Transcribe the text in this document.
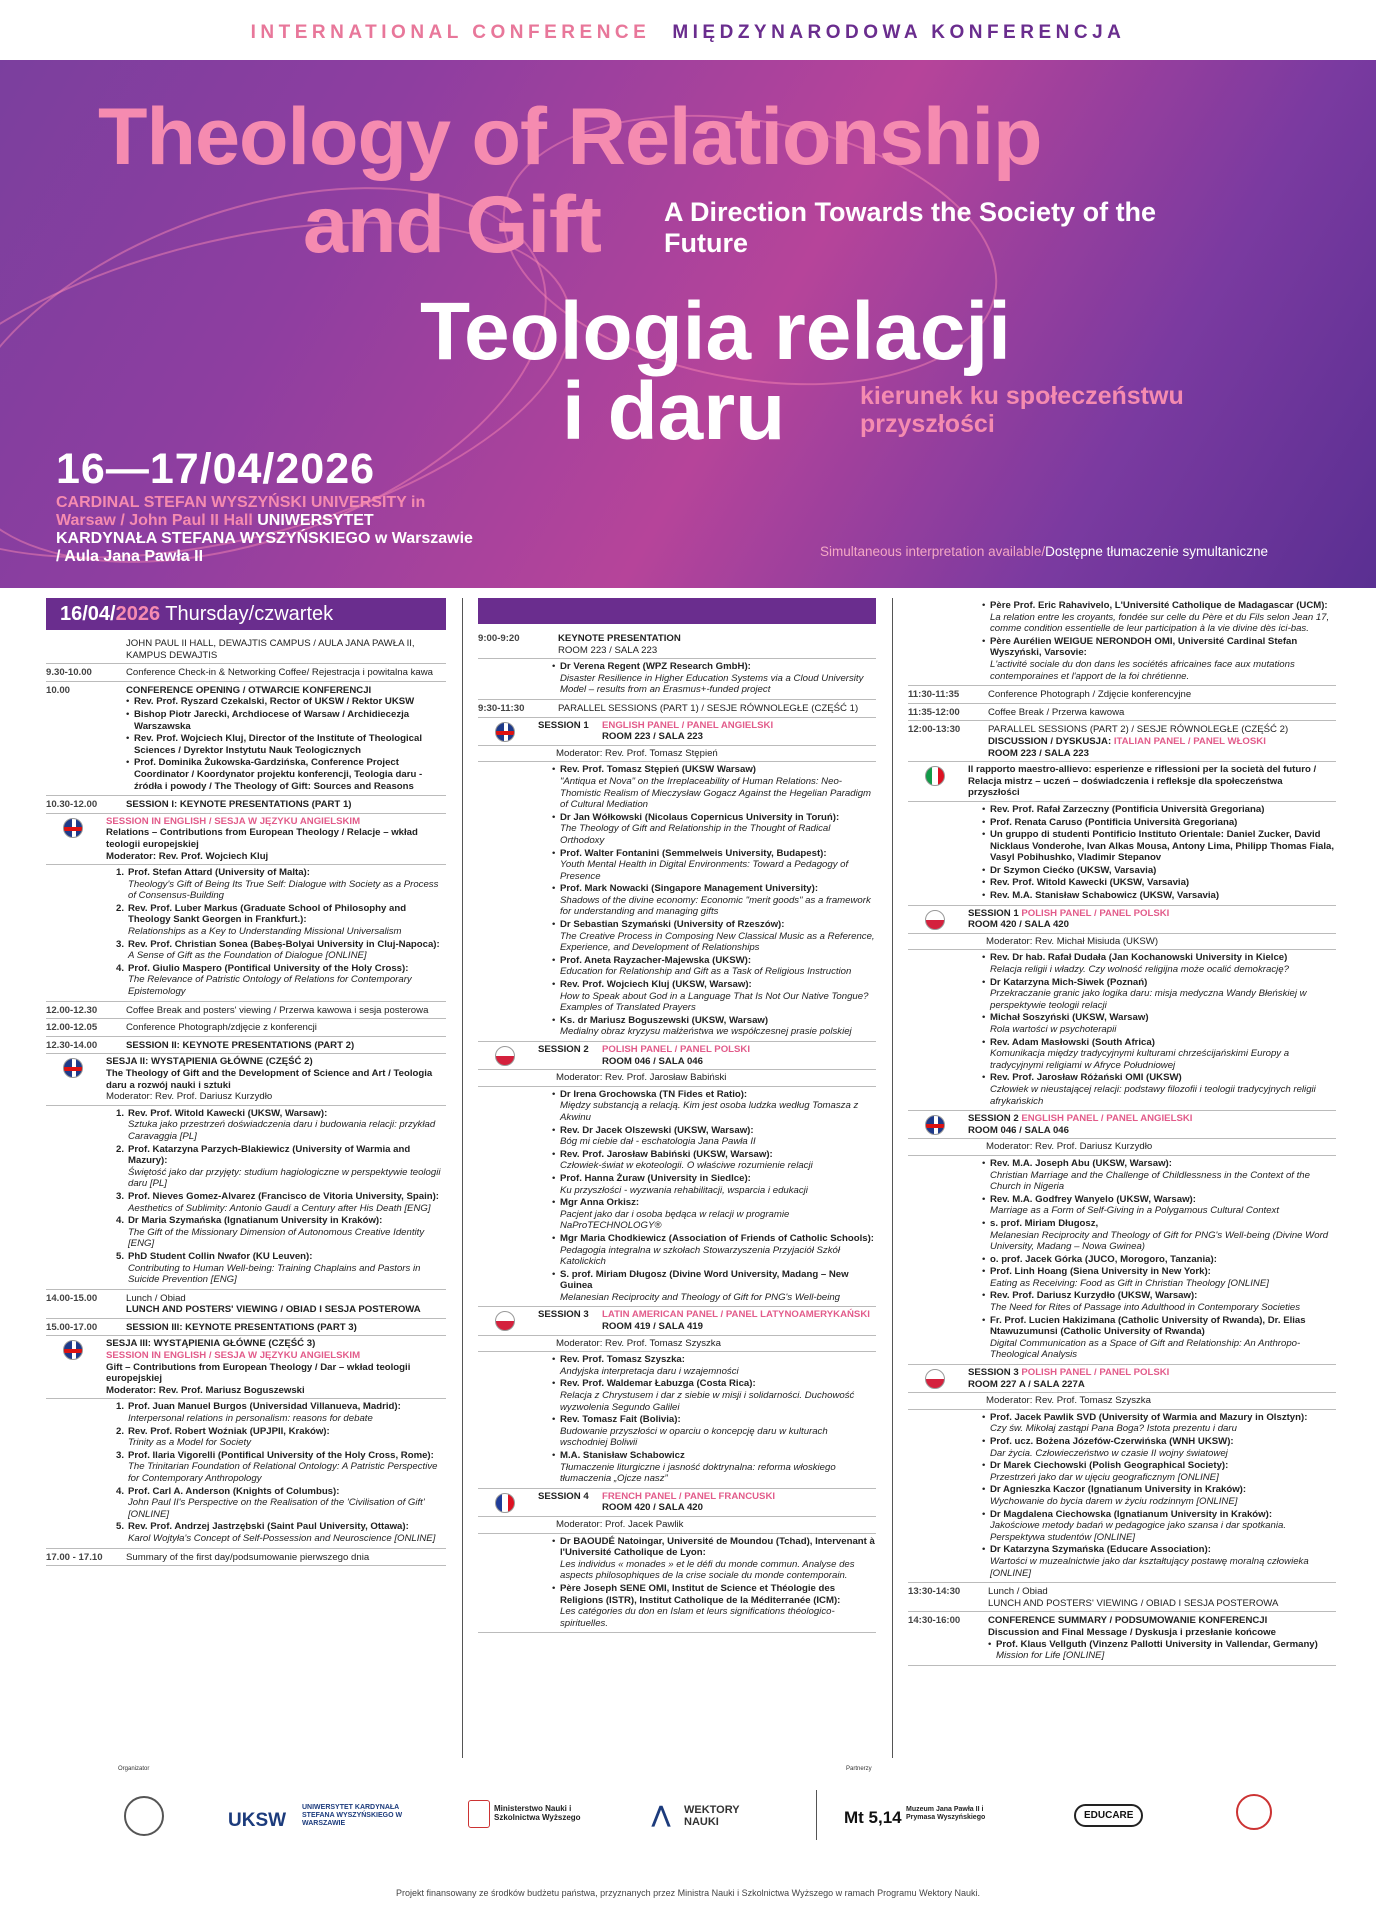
INTERNATIONAL CONFERENCE MIĘDZYNARODOWA KONFERENCJA
Theology of Relationship
and Gift A Direction Towards the Society of the Future
Teologia relacji
i daru	kierunek ku społeczeństwu przyszłości
16—17/04/2026
CARDINAL STEFAN WYSZYŃSKI UNIVERSITY in Warsaw / John Paul II Hall UNIWERSYTET KARDYNAŁA STEFANA WYSZYŃSKIEGO w Warszawie / Aula Jana Pawła II	Simultaneous interpretation available/Dostępne tłumaczenie symultaniczne
16/04/2026 Thursday/czwartek
JOHN PAUL II HALL, DEWAJTIS CAMPUS / AULA JANA PAWŁA II, KAMPUS DEWAJTIS
9.30-10.00	Conference Check-in & Networking Coffee/ Rejestracja i powitalna kawa
10.00	CONFERENCE OPENING / OTWARCIE KONFERENCJI
• Rev. Prof. Ryszard Czekalski, Rector of UKSW / Rektor UKSW
• Bishop Piotr Jarecki, Archdiocese of Warsaw / Archidiecezja Warszawska
• Rev. Prof. Wojciech Kluj, Director of the Institute of Theological Sciences / Dyrektor Instytutu Nauk Teologicznych
• Prof. Dominika Żukowska-Gardzińska, Conference Project Coordinator / Koordynator projektu konferencji, Teologia daru - źródła i powody / The Theology of Gift: Sources and Reasons
10.30-12.00	SESSION I: KEYNOTE PRESENTATIONS (PART 1)
SESSION IN ENGLISH / SESJA W JĘZYKU ANGIELSKIM
Relations – Contributions from European Theology / Relacje – wkład teologii europejskiej
Moderator: Rev. Prof. Wojciech Kluj
1. Prof. Stefan Attard (University of Malta):
Theology's Gift of Being Its True Self: Dialogue with Society as a Process of Consensus-Building
2. Rev. Prof. Luber Markus (Graduate School of Philosophy and Theology Sankt Georgen in Frankfurt.):
Relationships as a Key to Understanding Missional Universalism
3. Rev. Prof. Christian Sonea (Babeș-Bolyai University in Cluj-Napoca):
A Sense of Gift as the Foundation of Dialogue [ONLINE]
4. Prof. Giulio Maspero (Pontifical University of the Holy Cross):
The Relevance of Patristic Ontology of Relations for Contemporary Epistemology
12.00-12.30	Coffee Break and posters' viewing / Przerwa kawowa i sesja posterowa
12.00-12.05	Conference Photograph/zdjęcie z konferencji
12.30-14.00	SESSION II: KEYNOTE PRESENTATIONS (PART 2)
SESJA II: WYSTĄPIENIA GŁÓWNE (CZĘŚĆ 2)
The Theology of Gift and the Development of Science and Art / Teologia daru a rozwój nauki i sztuki
Moderator: Rev. Prof. Dariusz Kurzydło
1. Rev. Prof. Witold Kawecki (UKSW, Warsaw):
Sztuka jako przestrzeń doświadczenia daru i budowania relacji: przykład Caravaggia [PL]
2. Prof. Katarzyna Parzych-Blakiewicz (University of Warmia and Mazury):
Świętość jako dar przyjęty: studium hagiologiczne w perspektywie teologii daru [PL]
3. Prof. Nieves Gomez-Alvarez (Francisco de Vitoria University, Spain):
Aesthetics of Sublimity: Antonio Gaudí a Century after His Death [ENG]
4. Dr Maria Szymańska (Ignatianum University in Kraków):
The Gift of the Missionary Dimension of Autonomous Creative Identity [ENG]
5. PhD Student Collin Nwafor (KU Leuven):
Contributing to Human Well-being: Training Chaplains and Pastors in Suicide Prevention [ENG]
14.00-15.00	Lunch / Obiad
LUNCH AND POSTERS' VIEWING / OBIAD I SESJA POSTEROWA
15.00-17.00	SESSION III: KEYNOTE PRESENTATIONS (PART 3)
SESJA III: WYSTĄPIENIA GŁÓWNE (CZĘŚĆ 3)
SESSION IN ENGLISH / SESJA W JĘZYKU ANGIELSKIM
Gift – Contributions from European Theology / Dar – wkład teologii europejskiej
Moderator: Rev. Prof. Mariusz Boguszewski
1. Prof. Juan Manuel Burgos (Universidad Villanueva, Madrid):
Interpersonal relations in personalism: reasons for debate
2. Rev. Prof. Robert Woźniak (UPJPII, Kraków):
Trinity as a Model for Society
3. Prof. Ilaria Vigorelli (Pontifical University of the Holy Cross, Rome):
The Trinitarian Foundation of Relational Ontology: A Patristic Perspective for Contemporary Anthropology
4. Prof. Carl A. Anderson (Knights of Columbus):
John Paul II's Perspective on the Realisation of the 'Civilisation of Gift' [ONLINE]
5. Rev. Prof. Andrzej Jastrzębski (Saint Paul University, Ottawa):
Karol Wojtyła's Concept of Self-Possession and Neuroscience [ONLINE]
17.00 - 17.10	Summary of the first day/podsumowanie pierwszego dnia
9:00-9:20	KEYNOTE PRESENTATION
ROOM 223 / SALA 223
• Dr Verena Regent (WPZ Research GmbH):
Disaster Resilience in Higher Education Systems via a Cloud University Model – results from an Erasmus+-funded project
9:30-11:30	PARALLEL SESSIONS (PART 1) / SESJE RÓWNOLEGŁE (CZĘŚĆ 1)
SESSION 1	ENGLISH PANEL / PANEL ANGIELSKI
ROOM 223 / SALA 223
Moderator: Rev. Prof. Tomasz Stępień
• Rev. Prof. Tomasz Stępień (UKSW Warsaw)
"Antiqua et Nova" on the Irreplaceability of Human Relations: Neo-Thomistic Realism of Mieczysław Gogacz Against the Hegelian Paradigm of Cultural Mediation
• Dr Jan Wółkowski (Nicolaus Copernicus University in Toruń):
The Theology of Gift and Relationship in the Thought of Radical Orthodoxy
• Prof. Walter Fontanini (Semmelweis University, Budapest):
Youth Mental Health in Digital Environments: Toward a Pedagogy of Presence
• Prof. Mark Nowacki (Singapore Management University):
Shadows of the divine economy: Economic "merit goods" as a framework for understanding and managing gifts
• Dr Sebastian Szymański (University of Rzeszów):
The Creative Process in Composing New Classical Music as a Reference, Experience, and Development of Relationships
• Prof. Aneta Rayzacher-Majewska (UKSW):
Education for Relationship and Gift as a Task of Religious Instruction
• Rev. Prof. Wojciech Kluj (UKSW, Warsaw):
How to Speak about God in a Language That Is Not Our Native Tongue? Examples of Translated Prayers
• Ks. dr Mariusz Boguszewski (UKSW, Warsaw)
Medialny obraz kryzysu małżeństwa we współczesnej prasie polskiej
SESSION 2	POLISH PANEL / PANEL POLSKI
ROOM 046 / SALA 046
Moderator: Rev. Prof. Jarosław Babiński
• Dr Irena Grochowska (TN Fides et Ratio):
Między substancją a relacją. Kim jest osoba ludzka według Tomasza z Akwinu
• Rev. Dr Jacek Olszewski (UKSW, Warsaw):
Bóg mi ciebie dał - eschatologia Jana Pawła II
• Rev. Prof. Jarosław Babiński (UKSW, Warsaw):
Człowiek-świat w ekoteologii. O właściwe rozumienie relacji
• Prof. Hanna Żuraw (University in Siedlce):
Ku przyszłości - wyzwania rehabilitacji, wsparcia i edukacji
• Mgr Anna Orkisz:
Pacjent jako dar i osoba będąca w relacji w programie NaProTECHNOLOGY®
• Mgr Maria Chodkiewicz (Association of Friends of Catholic Schools):
Pedagogia integralna w szkołach Stowarzyszenia Przyjaciół Szkół Katolickich
• S. prof. Miriam Długosz (Divine Word University, Madang – New Guinea
Melanesian Reciprocity and Theology of Gift for PNG's Well-being
SESSION 3	LATIN AMERICAN PANEL / PANEL LATYNOAMERYKAŃSKI
ROOM 419 / SALA 419
Moderator: Rev. Prof. Tomasz Szyszka
• Rev. Prof. Tomasz Szyszka:
Andyjska interpretacja daru i wzajemności
• Rev. Prof. Waldemar Łabuzga (Costa Rica):
Relacja z Chrystusem i dar z siebie w misji i solidarności. Duchowość wyzwolenia Segundo Galilei
• Rev. Tomasz Fait (Bolivia):
Budowanie przyszłości w oparciu o koncepcję daru w kulturach wschodniej Boliwii
• M.A. Stanisław Schabowicz
Tłumaczenie liturgiczne i jasność doktrynalna: reforma włoskiego tłumaczenia „Ojcze nasz”
SESSION 4	FRENCH PANEL / PANEL FRANCUSKI
ROOM 420 / SALA 420
Moderator: Prof. Jacek Pawlik
• Dr BAOUDÉ Natoingar, Université de Moundou (Tchad), Intervenant à l'Université Catholique de Lyon:
Les individus « monades » et le défi du monde commun. Analyse des aspects philosophiques de la crise sociale du monde contemporain.
• Père Joseph SENE OMI, Institut de Science et Théologie des Religions (ISTR), Institut Catholique de la Méditerranée (ICM):
Les catégories du don en Islam et leurs significations théologico-spirituelles.
• Père Prof. Eric Rahavivelo, L'Université Catholique de Madagascar (UCM):
La relation entre les croyants, fondée sur celle du Père et du Fils selon Jean 17, comme condition essentielle de leur participation à la vie divine dès ici-bas.
• Père Aurélien WEIGUE NERONDOH OMI, Université Cardinal Stefan Wyszyński, Varsovie:
L'activité sociale du don dans les sociétés africaines face aux mutations contemporaines et l'apport de la foi chrétienne.
11:30-11:35	Conference Photograph / Zdjęcie konferencyjne
11:35-12:00	Coffee Break / Przerwa kawowa
12:00-13:30	PARALLEL SESSIONS (PART 2) / SESJE RÓWNOLEGŁE (CZĘŚĆ 2)
DISCUSSION / DYSKUSJA: ITALIAN PANEL / PANEL WŁOSKI
ROOM 223 / SALA 223
Il rapporto maestro-allievo: esperienze e riflessioni per la società del futuro / Relacja mistrz – uczeń – doświadczenia i refleksje dla społeczeństwa przyszłości
• Rev. Prof. Rafał Zarzeczny (Pontificia Università Gregoriana)
• Prof. Renata Caruso (Pontificia Università Gregoriana)
• Un gruppo di studenti Pontificio Instituto Orientale: Daniel Zucker, David Nicklaus Vonderohe, Ivan Alkas Mousa, Antony Lima, Philipp Thomas Fiala, Vasyl Pobihushko, Vladimir Stepanov
• Dr Szymon Ciećko (UKSW, Varsavia)
• Rev. Prof. Witold Kawecki (UKSW, Varsavia)
• Rev. M.A. Stanisław Schabowicz (UKSW, Varsavia)
SESSION 1 POLISH PANEL / PANEL POLSKI
ROOM 420 / SALA 420
Moderator: Rev. Michał Misiuda (UKSW)
• Rev. Dr hab. Rafał Dudała (Jan Kochanowski University in Kielce)
Relacja religii i władzy. Czy wolność religijna może ocalić demokrację?
• Dr Katarzyna Mich-Siwek (Poznań)
Przekraczanie granic jako logika daru: misja medyczna Wandy Błeńskiej w perspektywie teologii relacji
• Michał Soszyński (UKSW, Warsaw)
Rola wartości w psychoterapii
• Rev. Adam Masłowski (South Africa)
Komunikacja między tradycyjnymi kulturami chrześcijańskimi Europy a tradycyjnymi religiami w Afryce Południowej
• Rev. Prof. Jarosław Różański OMI (UKSW)
Człowiek w nieustającej relacji: podstawy filozofii i teologii tradycyjnych religii afrykańskich
SESSION 2 ENGLISH PANEL / PANEL ANGIELSKI
ROOM 046 / SALA 046
Moderator: Rev. Prof. Dariusz Kurzydło
• Rev. M.A. Joseph Abu (UKSW, Warsaw):
Christian Marriage and the Challenge of Childlessness in the Context of the Church in Nigeria
• Rev. M.A. Godfrey Wanyelo (UKSW, Warsaw):
Marriage as a Form of Self-Giving in a Polygamous Cultural Context
• s. prof. Miriam Długosz,
Melanesian Reciprocity and Theology of Gift for PNG's Well-being (Divine Word University, Madang – Nowa Gwinea)
• o. prof. Jacek Górka (JUCO, Morogoro, Tanzania):
• Prof. Linh Hoang (Siena University in New York):
Eating as Receiving: Food as Gift in Christian Theology [ONLINE]
• Rev. Prof. Dariusz Kurzydło (UKSW, Warsaw):
The Need for Rites of Passage into Adulthood in Contemporary Societies
• Fr. Prof. Lucien Hakizimana (Catholic University of Rwanda), Dr. Elias Ntawuzumunsi (Catholic University of Rwanda)
Digital Communication as a Space of Gift and Relationship: An Anthropo-Theological Analysis
SESSION 3 POLISH PANEL / PANEL POLSKI
ROOM 227 A / SALA 227A
Moderator: Rev. Prof. Tomasz Szyszka
• Prof. Jacek Pawlik SVD (University of Warmia and Mazury in Olsztyn):
Czy św. Mikołaj zastąpi Pana Boga? Istota prezentu i daru
• Prof. ucz. Bożena Józefów-Czerwińska (WNH UKSW):
Dar życia. Człowieczeństwo w czasie II wojny światowej
• Dr Marek Ciechowski (Polish Geographical Society):
Przestrzeń jako dar w ujęciu geograficznym [ONLINE]
• Dr Agnieszka Kaczor (Ignatianum University in Kraków):
Wychowanie do bycia darem w życiu rodzinnym [ONLINE]
• Dr Magdalena Ciechowska (Ignatianum University in Kraków):
Jakościowe metody badań w pedagogice jako szansa i dar spotkania. Perspektywa studentów [ONLINE]
• Dr Katarzyna Szymańska (Educare Association):
Wartości w muzealnictwie jako dar kształtujący postawę moralną człowieka [ONLINE]
13:30-14:30	Lunch / Obiad
LUNCH AND POSTERS' VIEWING / OBIAD I SESJA POSTEROWA
14:30-16:00	CONFERENCE SUMMARY / PODSUMOWANIE KONFERENCJI
Discussion and Final Message / Dyskusja i przesłanie końcowe
• Prof. Klaus Vellguth (Vinzenz Pallotti University in Vallendar, Germany)
Mission for Life [ONLINE]
Organizator	Partnerzy
UKSW
UNIWERSYTET KARDYNAŁA STEFANA WYSZYŃSKIEGO W WARSZAWIE
Ministerstwo Nauki i Szkolnictwa Wyższego	⋀ WEKTORY NAUKI	Mt 5,14 Muzeum Jana Pawła II i Prymasa Wyszyńskiego	EDUCARE
Projekt finansowany ze środków budżetu państwa, przyznanych przez Ministra Nauki i Szkolnictwa Wyższego w ramach Programu Wektory Nauki.
